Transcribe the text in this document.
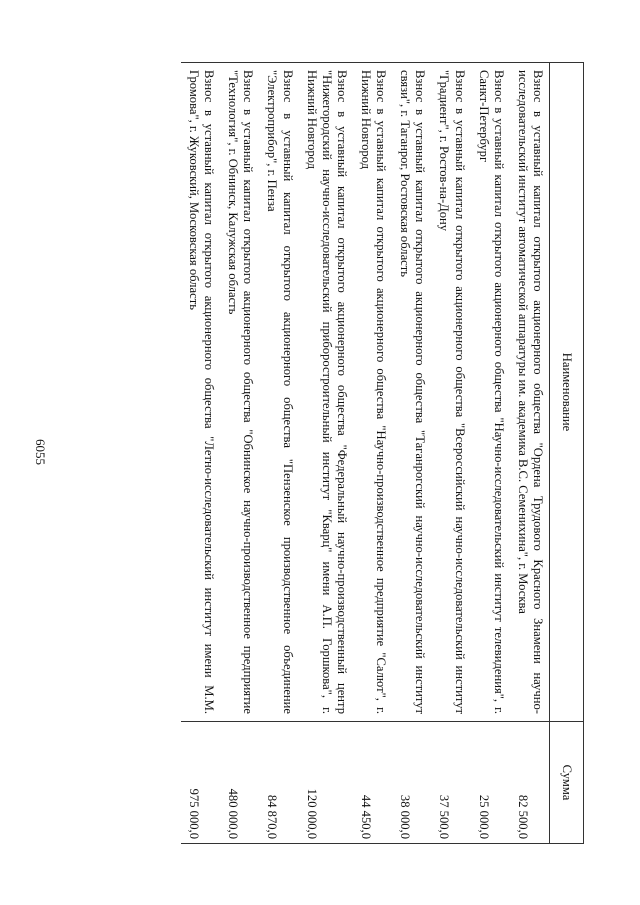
6055
Наименование	Сумма
Взнос в уставный капитал открытого акционерного общества "Ордена Трудового Красного Знамени научно-исследовательский институт автоматической аппаратуры им. академика В.С. Семенихина", г. Москва	82 500,0
Взнос в уставный капитал открытого акционерного общества "Научно-исследовательский институт телевидения", г. Санкт-Петербург	25 000,0
Взнос в уставный капитал открытого акционерного общества "Всероссийский научно-исследовательский институт "Градиент", г. Ростов-на-Дону	37 500,0
Взнос в уставный капитал открытого акционерного общества "Таганрогский научно-исследовательский институт связи", г. Таганрог, Ростовская область	38 000,0
Взнос в уставный капитал открытого акционерного общества "Научно-производственное предприятие "Салют", г. Нижний Новгород	44 450,0
Взнос в уставный капитал открытого акционерного общества "Федеральный научно-производственный центр "Нижегородский научно-исследовательский приборостроительный институт "Кварц" имени А.П. Горшкова", г. Нижний Новгород	120 000,0
Взнос в уставный капитал открытого акционерного общества "Пензенское производственное объединение "Электроприбор", г. Пенза	84 870,0
Взнос в уставный капитал открытого акционерного общества "Обнинское научно-производственное предприятие "Технология", г. Обнинск, Калужская область	480 000,0
Взнос в уставный капитал открытого акционерного общества "Летно-исследовательский институт имени М.М. Громова", г. Жуковский, Московская область	975 000,0
